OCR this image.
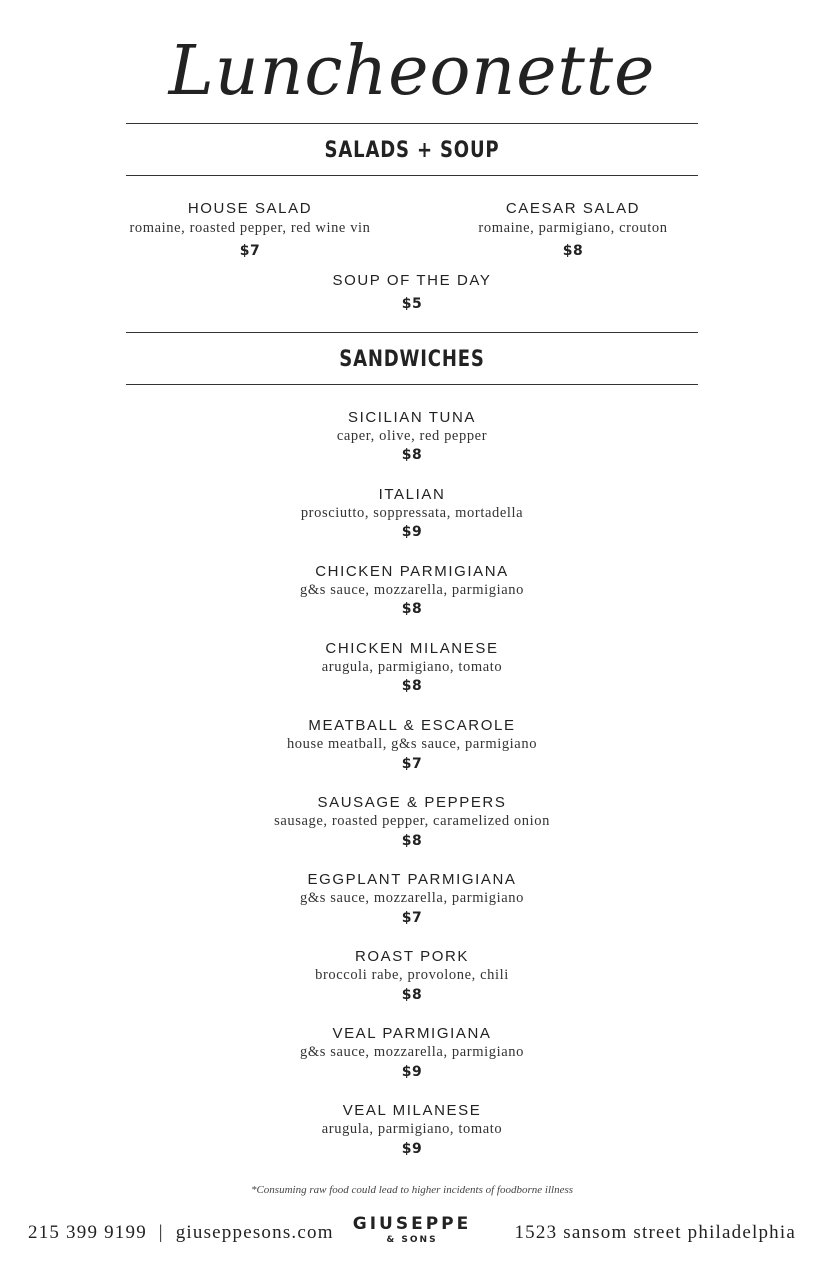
Luncheonette
SALADS + SOUP
HOUSE SALAD
romaine, roasted pepper, red wine vin
$7
CAESAR SALAD
romaine, parmigiano, crouton
$8
SOUP OF THE DAY
$5
SANDWICHES
SICILIAN TUNA
caper, olive, red pepper
$8
ITALIAN
prosciutto, soppressata, mortadella
$9
CHICKEN PARMIGIANA
g&s sauce, mozzarella, parmigiano
$8
CHICKEN MILANESE
arugula, parmigiano, tomato
$8
MEATBALL & ESCAROLE
house meatball, g&s sauce, parmigiano
$7
SAUSAGE & PEPPERS
sausage, roasted pepper, caramelized onion
$8
EGGPLANT PARMIGIANA
g&s sauce, mozzarella, parmigiano
$7
ROAST PORK
broccoli rabe, provolone, chili
$8
VEAL PARMIGIANA
g&s sauce, mozzarella, parmigiano
$9
VEAL MILANESE
arugula, parmigiano, tomato
$9
*Consuming raw food could lead to higher incidents of foodborne illness
215 399 9199  |  giuseppesons.com	GIUSEPPE
& SONS	1523 sansom street philadelphia
